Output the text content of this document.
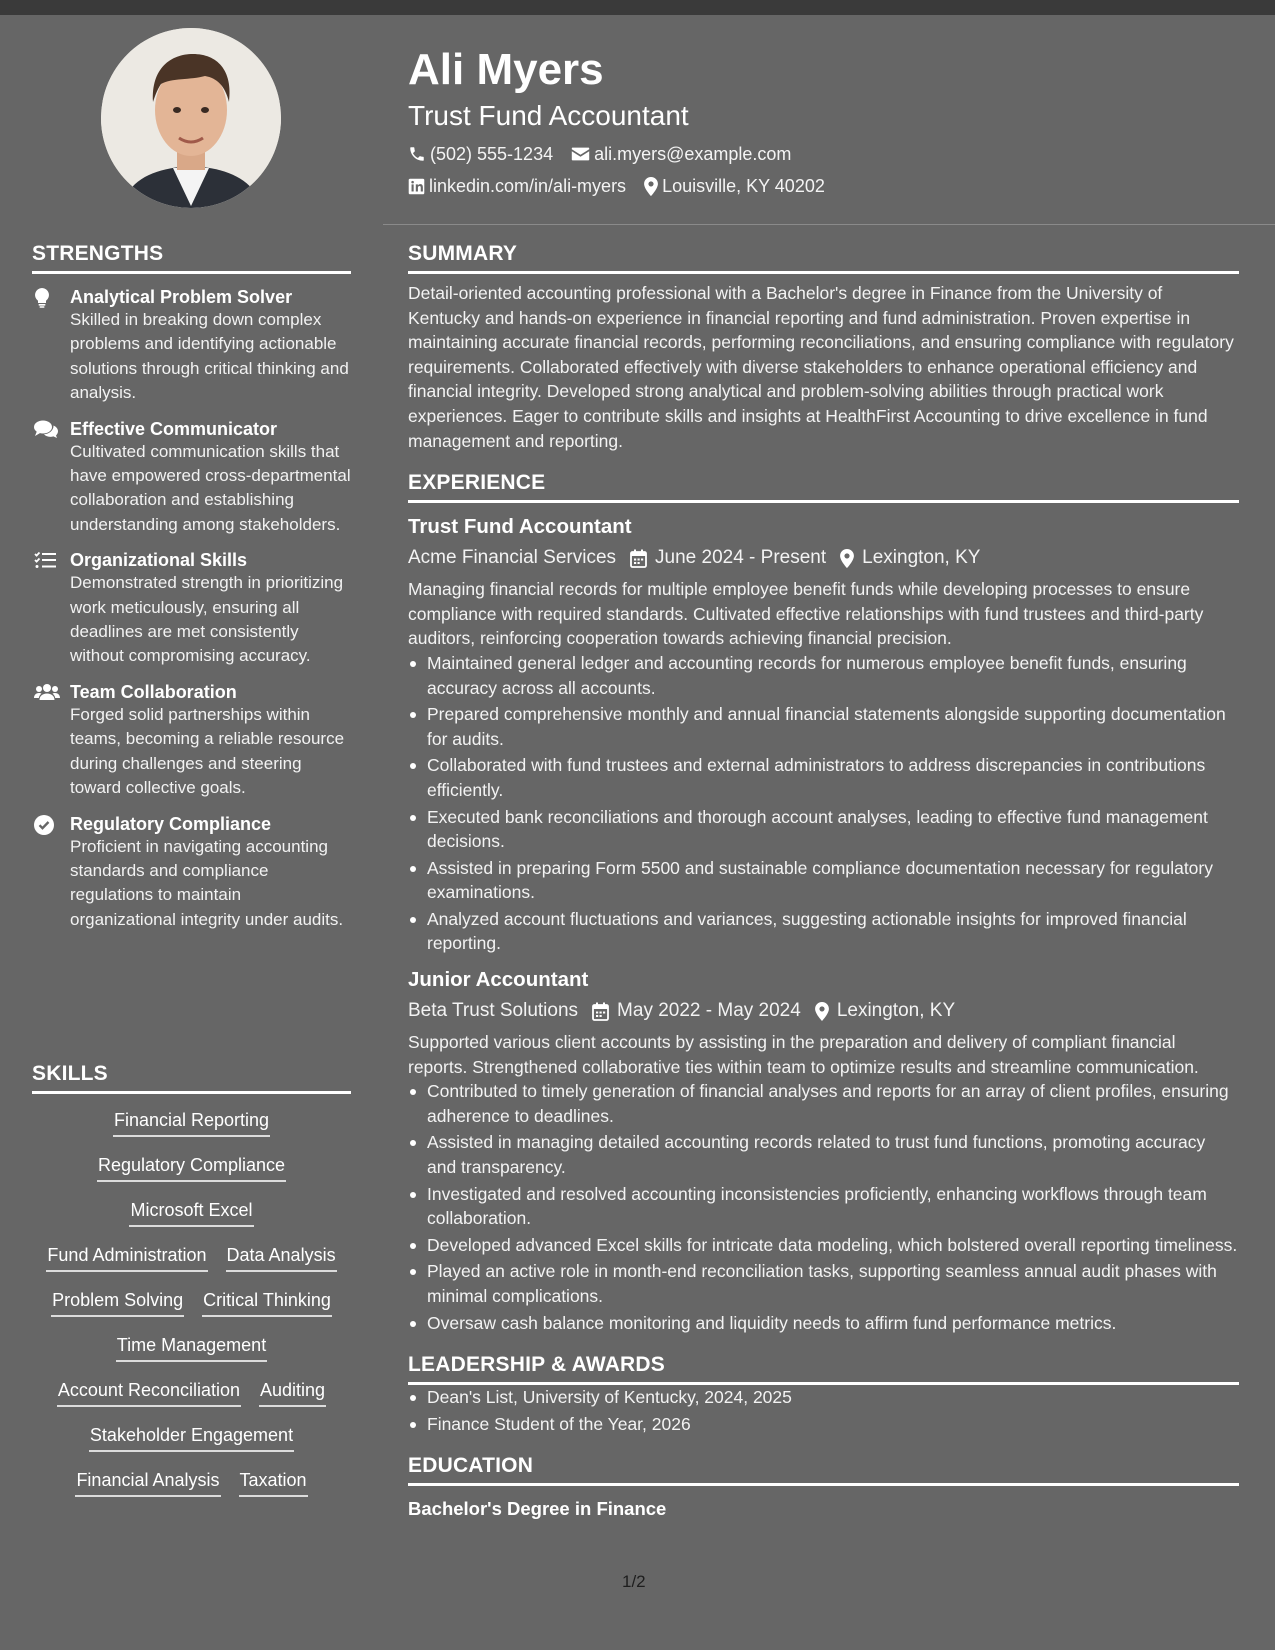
Ali Myers
Trust Fund Accountant
(502) 555-1234 ali.myers@example.com
linkedin.com/in/ali-myers Louisville, KY 40202
STRENGTHS
Analytical Problem Solver
Skilled in breaking down complex problems and identifying actionable solutions through critical thinking and analysis.
Effective Communicator
Cultivated communication skills that have empowered cross-departmental collaboration and establishing understanding among stakeholders.
Organizational Skills
Demonstrated strength in prioritizing work meticulously, ensuring all deadlines are met consistently without compromising accuracy.
Team Collaboration
Forged solid partnerships within teams, becoming a reliable resource during challenges and steering toward collective goals.
Regulatory Compliance
Proficient in navigating accounting standards and compliance regulations to maintain organizational integrity under audits.
SKILLS
Financial Reporting
Regulatory Compliance
Microsoft Excel
Fund Administration Data Analysis
Problem Solving Critical Thinking
Time Management
Account Reconciliation Auditing
Stakeholder Engagement
Financial Analysis Taxation
SUMMARY

Detail-oriented accounting professional with a Bachelor's degree in Finance from the University of Kentucky and hands-on experience in financial reporting and fund administration. Proven expertise in maintaining accurate financial records, performing reconciliations, and ensuring compliance with regulatory requirements. Collaborated effectively with diverse stakeholders to enhance operational efficiency and financial integrity. Developed strong analytical and problem-solving abilities through practical work experiences. Eager to contribute skills and insights at HealthFirst Accounting to drive excellence in fund management and reporting.

EXPERIENCE
Trust Fund Accountant
Acme Financial Services June 2024 - Present Lexington, KY

Managing financial records for multiple employee benefit funds while developing processes to ensure compliance with required standards. Cultivated effective relationships with fund trustees and third-party auditors, reinforcing cooperation towards achieving financial precision.

Maintained general ledger and accounting records for numerous employee benefit funds, ensuring accuracy across all accounts.
Prepared comprehensive monthly and annual financial statements alongside supporting documentation for audits.
Collaborated with fund trustees and external administrators to address discrepancies in contributions efficiently.
Executed bank reconciliations and thorough account analyses, leading to effective fund management decisions.
Assisted in preparing Form 5500 and sustainable compliance documentation necessary for regulatory examinations.
Analyzed account fluctuations and variances, suggesting actionable insights for improved financial reporting.
Junior Accountant
Beta Trust Solutions May 2022 - May 2024 Lexington, KY

Supported various client accounts by assisting in the preparation and delivery of compliant financial reports. Strengthened collaborative ties within team to optimize results and streamline communication.

Contributed to timely generation of financial analyses and reports for an array of client profiles, ensuring adherence to deadlines.
Assisted in managing detailed accounting records related to trust fund functions, promoting accuracy and transparency.
Investigated and resolved accounting inconsistencies proficiently, enhancing workflows through team collaboration.
Developed advanced Excel skills for intricate data modeling, which bolstered overall reporting timeliness.
Played an active role in month-end reconciliation tasks, supporting seamless annual audit phases with minimal complications.
Oversaw cash balance monitoring and liquidity needs to affirm fund performance metrics.
LEADERSHIP & AWARDS
Dean's List, University of Kentucky, 2024, 2025
Finance Student of the Year, 2026
EDUCATION
Bachelor's Degree in Finance
1/2
